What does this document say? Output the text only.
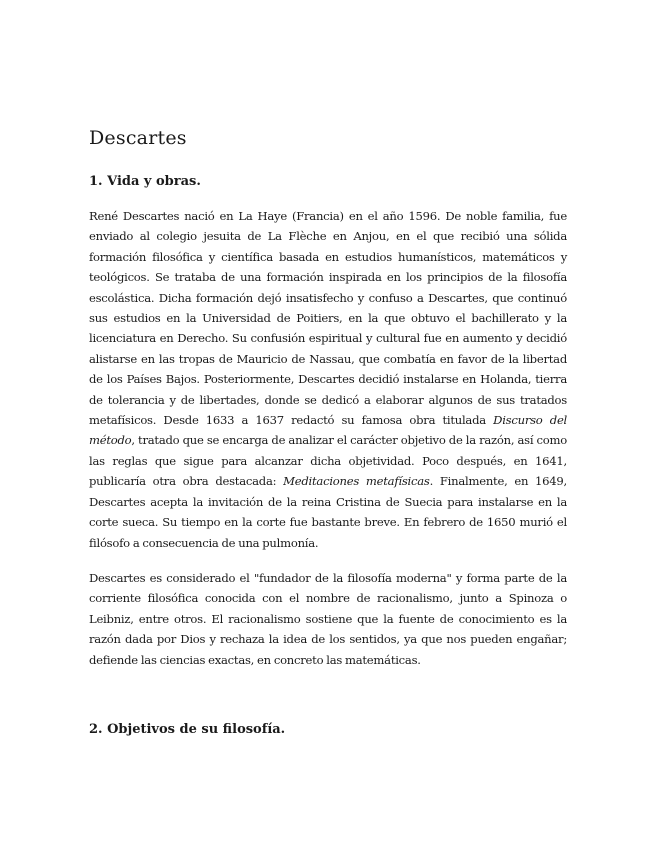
Descartes
1. Vida y obras.

René Descartes nació en La Haye (Francia) en el año 1596. De noble familia, fue enviado al colegio jesuita de La Flèche en Anjou, en el que recibió una sólida formación filosófica y científica basada en estudios humanísticos, matemáticos y teológicos. Se trataba de una formación inspirada en los principios de la filosofía escolástica. Dicha formación dejó insatisfecho y confuso a Descartes, que continuó sus estudios en la Universidad de Poitiers, en la que obtuvo el bachillerato y la licenciatura en Derecho. Su confusión espiritual y cultural fue en aumento y decidió alistarse en las tropas de Mauricio de Nassau, que combatía en favor de la libertad de los Países Bajos. Posteriormente, Descartes decidió instalarse en Holanda, tierra de tolerancia y de libertades, donde se dedicó a elaborar algunos de sus tratados metafísicos. Desde 1633 a 1637 redactó su famosa obra titulada Discurso del método, tratado que se encarga de analizar el carácter objetivo de la razón, así como las reglas que sigue para alcanzar dicha objetividad. Poco después, en 1641, publicaría otra obra destacada: Meditaciones metafísicas. Finalmente, en 1649, Descartes acepta la invitación de la reina Cristina de Suecia para instalarse en la corte sueca. Su tiempo en la corte fue bastante breve. En febrero de 1650 murió el filósofo a consecuencia de una pulmonía.

Descartes es considerado el "fundador de la filosofía moderna" y forma parte de la corriente filosófica conocida con el nombre de racionalismo, junto a Spinoza o Leibniz, entre otros. El racionalismo sostiene que la fuente de conocimiento es la razón dada por Dios y rechaza la idea de los sentidos, ya que nos pueden engañar; defiende las ciencias exactas, en concreto las matemáticas.

2. Objetivos de su filosofía.
